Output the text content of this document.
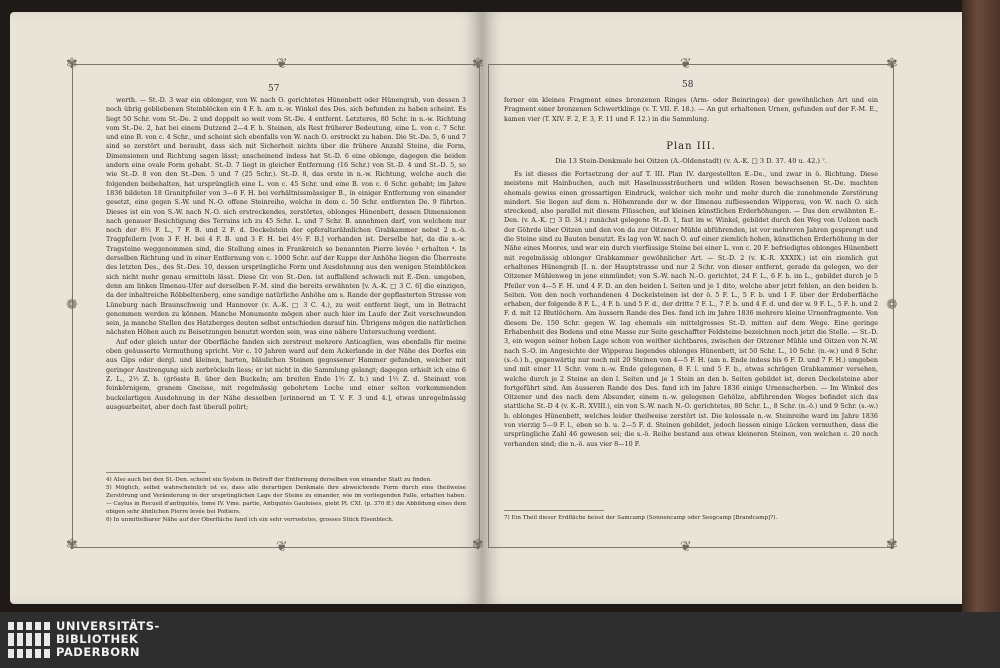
✾	❦	✾	❦	✾
❁	❁
✾	❦	✾	❦	✾
57

werth. — St.-D. 3 war ein oblonger, von W. nach O. gerichtetes Hünenbett oder Hünengrab, von dessen 3 noch übrig gebliebenen Steinblöcken ein 4 F. h. am n.-w. Winkel des Des. sich befunden zu haben scheint. Es liegt 50 Schr. vom St.-De. 2 und doppelt so weit vom St.-De. 4 entfernt. Letzteres, 80 Schr. in n.-w. Richtung vom St.-De. 2, hat bei einem Dutzend 2—4 F. h. Steinen, als Rest früherer Bedeutung, eine L. von c. 7 Schr. und eine B. von c. 4 Schr., und scheint sich ebenfalls von W. nach O. erstreckt zu haben. Die St.-De. 5, 6 und 7 sind so zerstört und beraubt, dass sich mit Sicherheit nichts über die frühere Anzahl Steine, die Form, Dimensionen und Richtung sagen lässt; anscheinend indess hat St.-D. 6 eine oblonge, dagegen die beiden andern eine ovale Form gehabt. St.-D. 7 liegt in gleicher Entfernung (16 Schr.) von St.-D. 4 und St.-D. 5, so wie St.-D. 8 von den St.-Den. 5 und 7 (25 Schr.). St.-D. 8, das erste in n.-w. Richtung, welche auch die folgenden beibehalten, hat ursprünglich eine L. von c. 45 Schr. und eine B. von c. 6 Schr. gehabt; im Jahre 1836 bildeten 18 Granitpfeiler von 3—6 F. H. bei verhältnissmässiger B., in einiger Entfernung von einander gesetzt, eine gegen S.-W. und N.-O. offene Steinreihe, welche in dem c. 50 Schr. entfernten De. 9 führten. Dieses ist ein von S.-W. nach N.-O. sich erstreckendes, zerstörtes, oblonges Hünenbett, dessen Dimensionen nach genauer Besichtigung des Terrains ich zu 45 Schr. L. und 7 Schr. B. annehmen darf, von welchem nur noch der 8½ F. L., 7 F. B. und 2 F. d. Deckelstein der opferaltarähnlichen Grabkammer nebst 2 n.-ö. Tragpfeilern [von 3 F. H. bei 4 F. B. und 3 F. H. bei 4½ F. B.] vorhanden ist. Derselbe hat, da die s.-w. Tragsteine weggenommen sind, die Stellung eines in Frankreich so benannten Pierre levée ³ erhalten ⁴. In derselben Richtung und in einer Entfernung von c. 1000 Schr. auf der Kuppe der Anhöhe liegen die Überreste des letzten Des., des St.-Des. 10, dessen ursprüngliche Form und Ausdehnung aus den wenigen Steinblöcken sich nicht mehr genau ermitteln lässt. Diese Gr. von St.-Den. ist auffallend schwach mit E.-Den. umgeben, denn am linken Ilmenau-Ufer auf derselben F.-M. sind die bereits erwähnten [v. A.-K. □ 3 C. 6] die einzigen, da der inhaltreiche Röbbeltenberg, eine sandige natürliche Anhöhe am s. Rande der gepflasterten Strasse von Lüneburg nach Braunschweig und Hannover (v. A.-K. □ 3 C. 4.), zu weit entfernt liegt, um in Betracht genommen werden zu können. Manche Monumente mögen aber auch hier im Laufe der Zeit verschwunden sein, ja manche Stellen des Hatzberges deuten selbst entschieden darauf hin. Übrigens mögen die natürlichen nächsten Höhen auch zu Beisetzungen benutzt worden sein, was eine nähere Untersuchung verdient.

Auf oder gleich unter der Oberfläche fanden sich zerstreut mehrere Anticaglien, was ebenfalls für meine oben geäusserte Vermuthung spricht. Vor c. 10 Jahren ward auf dem Ackerlande in der Nähe des Dorfes ein aus Gips oder dergl. und kleinen, harten, bläulichen Steinen gegossener Hammer gefunden, welcher mit geringer Anstrengung sich zerbröckeln liess; er ist nicht in die Sammlung gelangt; dagegen erhielt ich eine 6 Z. L., 2½ Z. b. (grösste B. über den Buckeln; am breiten Ende 1½ Z. b.) und 1½ Z. d. Steinaxt von feinkörnigem, granem Gneisse, mit regelmässig gebohrtem Loche und einer selten vorkommenden buckelartigen Ausdehnung in der Nähe desselben [erinnernd an T. V. F. 3 und 4.], etwas unregelmässig ausgearbeitet, aber doch fast überall polirt;

4) Also auch bei den St.-Den. scheint ein System in Betreff der Entfernung derselben von einander Statt zu finden.
5) Möglich, selbst wahrscheinlich ist es, dass alle derartigen Denkmale ihre abweichende Form durch eine theilweise Zerstörung und Veränderung in der ursprünglichen Lage der Steine zu einander, wie im vorliegenden Falle, erhalten haben. — Caylus in Recueil d'antiquités, tome IV. Vme. partie, Antiquités Gauloises, giebt Pl. CXI. (p. 370 ff.) die Abbildung eines dem obigen sehr ähnlichen Pierre levée bei Poitiers.
6) In unmittelbarer Nähe auf der Oberfläche fand ich ein sehr verrostetes, grosses Stück Eisenblech.
58

ferner ein kleines Fragment eines bronzenen Ringes (Arm- oder Beinringes) der gewöhnlichen Art und ein Fragment einer bronzenen Schwertklinge (v. T. VII. F. 18.). — An gut erhaltenen Urnen, gefunden auf der F.-M. E., kamen vier (T. XIV. F. 2, F. 3, F. 11 und F. 12.) in die Sammlung.

Plan III.
Die 13 Stein-Denkmale bei Oitzen (A.-Oldenstadt) (v. A.-K. □ 3 D. 37. 40 u. 42.) ⁷.

Es ist dieses die Fortsetzung der auf T. III. Plan IV. dargestellten E.-De., und zwar in ö. Richtung. Diese meistens mit Hainbuchen, auch mit Haselnusssträuchern und wilden Rosen bewachsenen St.-De. machten ehemals gewiss einen grossartigen Eindruck, welcher sich mehr und mehr durch die zunehmende Zerstörung mindert. Sie liegen auf dem n. Höhenrande der w. der Ilmenau zufliessenden Wipperau, von W. nach O. sich streckend, also parallel mit diesem Flüsschen, auf kleinen künstlichen Erderhöhungen. — Das den erwähnten E.-Den. (v. A.-K. □ 3 D. 34.) zunächst gelegene St.-D. 1, fast im w. Winkel, gebildet durch den Weg von Uelzen nach der Göhrde über Oitzen und den von da zur Oitzener Mühle abführenden, ist vor mehreren Jahren gesprengt und die Steine sind zu Bauten benutzt. Es lag von W. nach O. auf einer ziemlich hohen, künstlichen Erderhöhung in der Nähe eines Moores, und war ein durch vierfüssige Steine bei einer L. von c. 20 F. befriedigtes oblonges Hünenbett mit regelmässig oblonger Grabkammer gewöhnlicher Art. — St.-D. 2 (v. K.-R. XXXIX.) ist ein ziemlich gut erhaltenes Hünengrab [I. n. der Hauptstrasse und nur 2 Schr. von dieser entfernt, gerade da gelegen, wo der Oitzener Mühlenweg in jene einmündet; von S.-W. nach N.-O. gerichtet, 24 F. L., 6 F. b. im L., gebildet durch je 5 Pfeiler von 4—5 F. H. und 4 F. D. an den beiden l. Seiten und je 1 dito, welche aber jetzt fehlen, an den beiden b. Seiten. Von den noch vorhandenen 4 Deckelsteinen ist der ö. 5 F. L., 5 F. b. und 1 F. über der Erdoberfläche erhaben, der folgende 8 F. L., 4 F. b. und 5 F. d., der dritte 7 F. L., 7 F. b. und 4 F. d. und der w. 9 F. L., 5 F. b. und 2 F. d. mit 12 Blutlöchern. Am äussern Rande des Des. fand ich im Jahre 1836 mehrere kleine Urnenfragmente. Von diesem De. 150 Schr. gegen W. lag ehemals ein mittelgrosses St.-D. mitten auf dem Wege. Eine geringe Erhabenheit des Bodens und eine Masse zur Seite geschaffter Feldsteine bezeichnen noch jetzt die Stelle. — St.-D. 3, ein wegen seiner hohen Lage schon von weither sichtbares, zwischen der Oitzener Mühle und Oitzen von N.-W. nach S.-O. im Angesichte der Wipperau liegendes oblonges Hünenbett, ist 50 Schr. L., 10 Schr. (n.-w.) und 8 Schr. (s.-ö.) b., gegenwärtig nur noch mit 20 Steinen von 4—5 F. H. (am n. Ende indess bis 6 F. D. und 7 F. H.) umgeben und mit einer 11 Schr. vom n.-w. Ende gelegenen, 8 F. l. und 5 F. b., etwas schrägen Grabkammer versehen, welche durch je 2 Steine an den l. Seiten und je 1 Stein an den b. Seiten gebildet ist, deren Deckelsteine aber fortgeführt sind. Am äusseren Rande des Des. fand ich im Jahre 1836 einige Urnenscherben. — Im Winkel des Oitzener und des nach dem Absunder, einem n.-w. gelegenen Gehölze, abführenden Weges befindet sich das stattliche St.-D 4 (v. K.-R. XVIII.), ein von S.-W. nach N.-O. gerichtetes, 80 Schr. L., 8 Schr. (n.-ö.) und 9 Schr. (s.-w.) b. oblonges Hünenbett, welches leider theilweise zerstört ist. Die kolossale n.-w. Steinreihe ward im Jahre 1836 von vierzig 5—9 F. l., eben so b. u. 2—5 F. d. Steinen gebildet, jedoch liessen einige Lücken vermuthen, dass die ursprüngliche Zahl 46 gewesen sei; die s.-ö. Reihe bestand aus etwas kleineren Steinen, von welchen c. 20 noch vorhanden sind; die n.-ö. aus vier 8—10 F.

7) Ein Theil dieser Erdfläche heisst der Samcamp (Sonnencamp oder Seegcamp [Brandcamp]?).
UNIVERSITÄTS-
BIBLIOTHEK
PADERBORN
